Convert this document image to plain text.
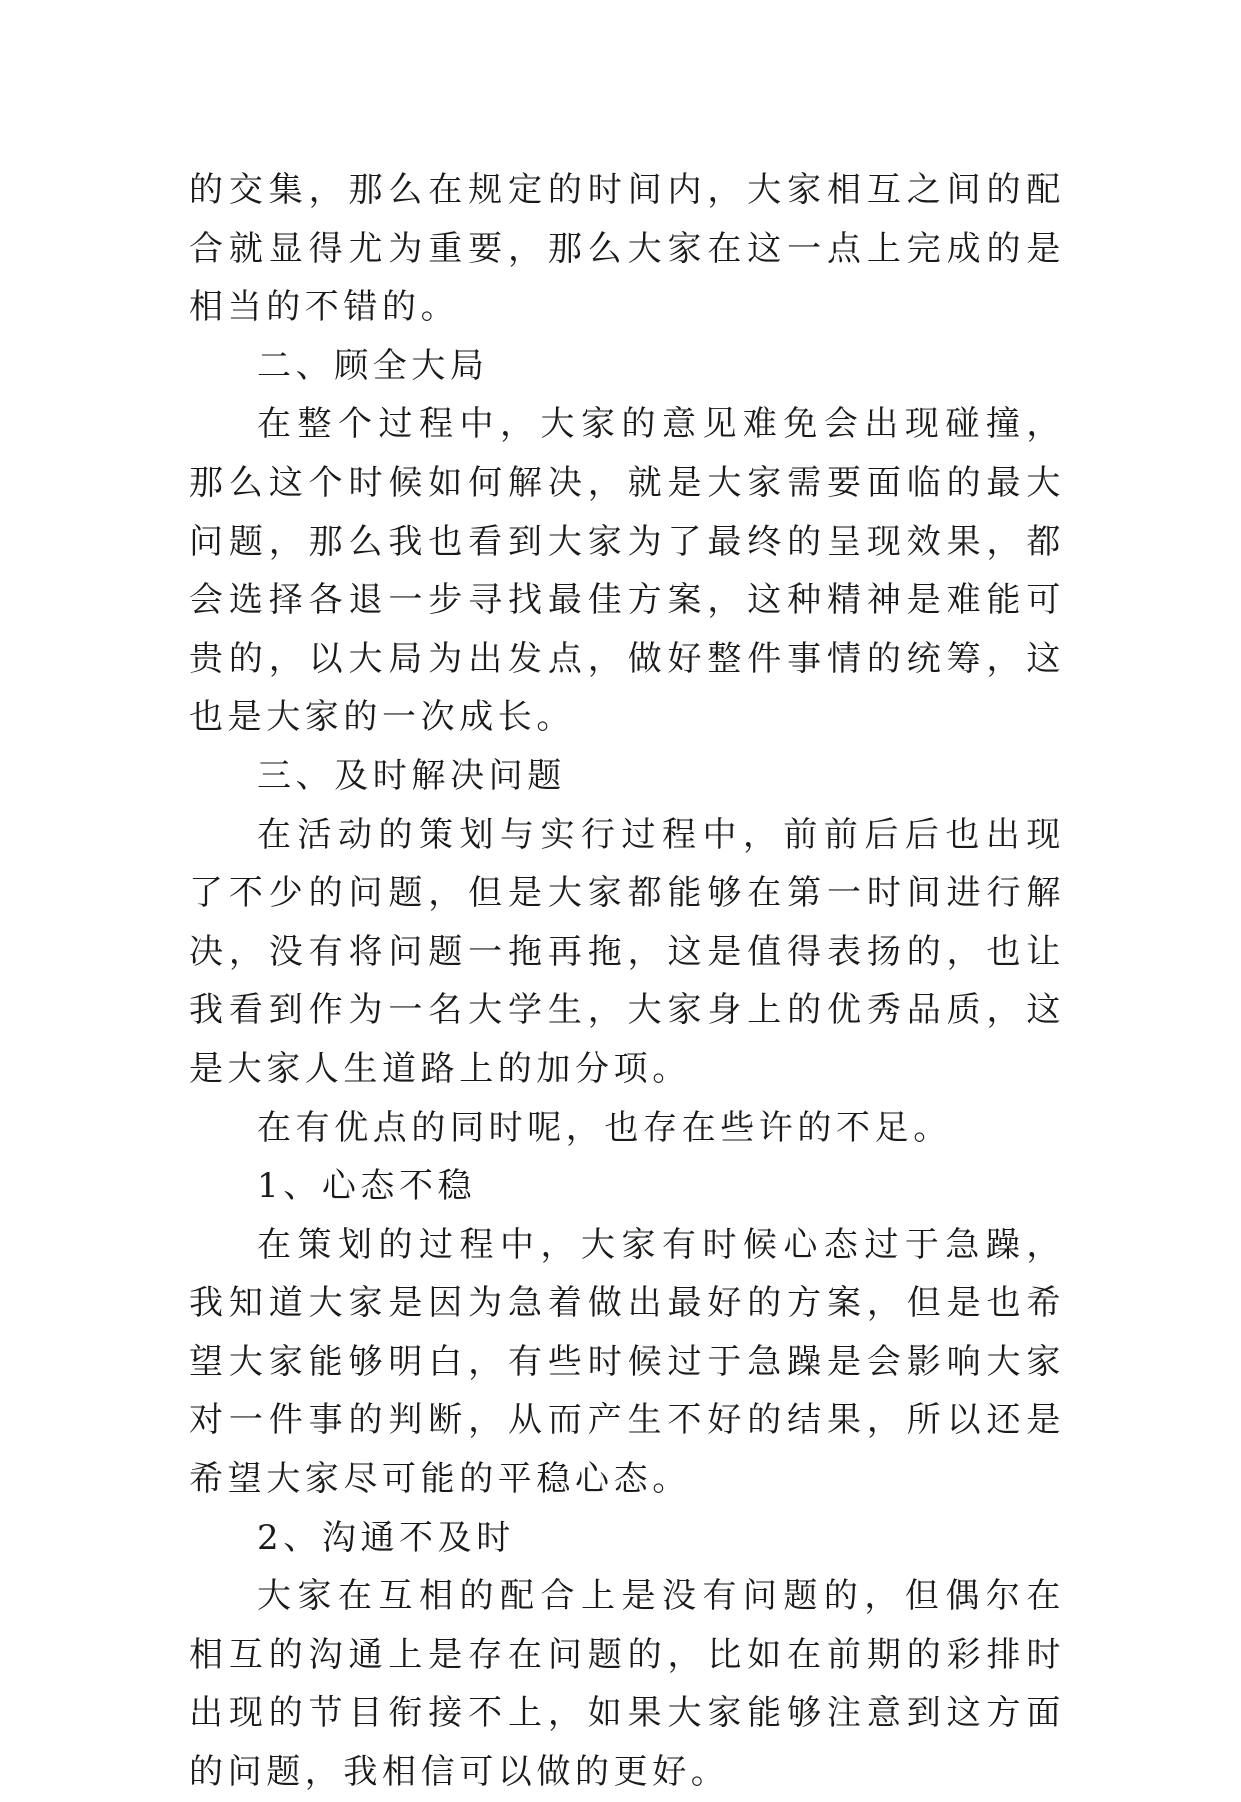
的交集，那么在规定的时间内，大家相互之间的配合就显得尤为重要，那么大家在这一点上完成的是相当的不错的。

二、顾全大局

在整个过程中，大家的意见难免会出现碰撞，那么这个时候如何解决，就是大家需要面临的最大问题，那么我也看到大家为了最终的呈现效果，都会选择各退一步寻找最佳方案，这种精神是难能可贵的，以大局为出发点，做好整件事情的统筹，这也是大家的一次成长。

三、及时解决问题

在活动的策划与实行过程中，前前后后也出现了不少的问题，但是大家都能够在第一时间进行解决，没有将问题一拖再拖，这是值得表扬的，也让我看到作为一名大学生，大家身上的优秀品质，这是大家人生道路上的加分项。

在有优点的同时呢，也存在些许的不足。

1、心态不稳

在策划的过程中，大家有时候心态过于急躁，我知道大家是因为急着做出最好的方案，但是也希望大家能够明白，有些时候过于急躁是会影响大家对一件事的判断，从而产生不好的结果，所以还是希望大家尽可能的平稳心态。

2、沟通不及时

大家在互相的配合上是没有问题的，但偶尔在相互的沟通上是存在问题的，比如在前期的彩排时出现的节目衔接不上，如果大家能够注意到这方面的问题，我相信可以做的更好。
